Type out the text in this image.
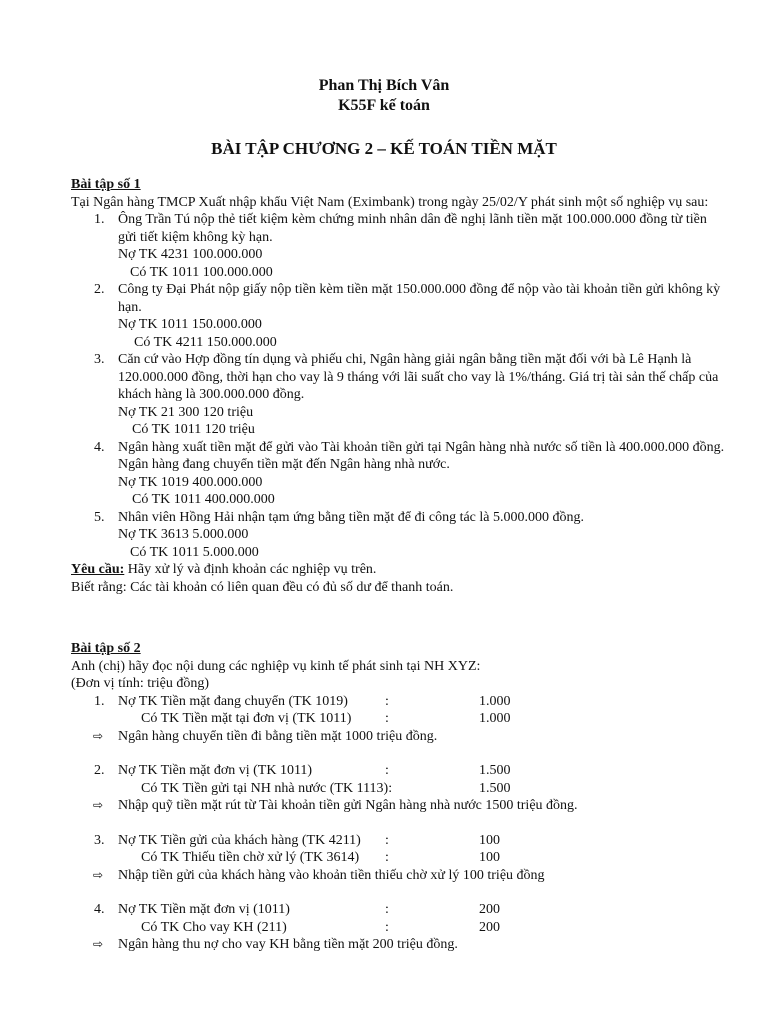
Phan Thị Bích Vân
K55F kế toán
BÀI TẬP CHƯƠNG 2 – KẾ TOÁN TIỀN MẶT
Bài tập số 1

Tại Ngân hàng TMCP Xuất nhập khẩu Việt Nam (Eximbank) trong ngày 25/02/Y phát sinh một số nghiệp vụ sau:

1. Ông Trần Tú nộp thẻ tiết kiệm kèm chứng minh nhân dân đề nghị lãnh tiền mặt 100.000.000 đồng từ tiền gửi tiết kiệm không kỳ hạn.
Nợ TK 4231 100.000.000
Có TK 1011 100.000.000
2. Công ty Đại Phát nộp giấy nộp tiền kèm tiền mặt 150.000.000 đồng để nộp vào tài khoản tiền gửi không kỳ hạn.
Nợ TK 1011 150.000.000
Có TK 4211 150.000.000
3. Căn cứ vào Hợp đồng tín dụng và phiếu chi, Ngân hàng giải ngân bằng tiền mặt đối với bà Lê Hạnh là 120.000.000 đồng, thời hạn cho vay là 9 tháng với lãi suất cho vay là 1%/tháng. Giá trị tài sản thế chấp của khách hàng là 300.000.000 đồng.
Nợ TK 21 300 120 triệu
Có TK 1011 120 triệu
4. Ngân hàng xuất tiền mặt để gửi vào Tài khoản tiền gửi tại Ngân hàng nhà nước số tiền là 400.000.000 đồng. Ngân hàng đang chuyển tiền mặt đến Ngân hàng nhà nước.
Nợ TK 1019 400.000.000
Có TK 1011 400.000.000
5. Nhân viên Hồng Hải nhận tạm ứng bằng tiền mặt để đi công tác là 5.000.000 đồng.
Nợ TK 3613 5.000.000
Có TK 1011 5.000.000
Yêu cầu: Hãy xử lý và định khoản các nghiệp vụ trên.
Biết rằng: Các tài khoản có liên quan đều có đủ số dư để thanh toán.
Bài tập số 2
Anh (chị) hãy đọc nội dung các nghiệp vụ kinh tế phát sinh tại NH XYZ:
(Đơn vị tính: triệu đồng)
1. Nợ TK Tiền mặt đang chuyển (TK 1019)	:	1.000
Có TK Tiền mặt tại đơn vị (TK 1011) :	1.000
⇨ Ngân hàng chuyển tiền đi bằng tiền mặt 1000 triệu đồng.
2. Nợ TK Tiền mặt đơn vị (TK 1011)	:	1.500
Có TK Tiền gửi tại NH nhà nước (TK 1113):	1.500
⇨ Nhập quỹ tiền mặt rút từ Tài khoản tiền gửi Ngân hàng nhà nước 1500 triệu đồng.
3. Nợ TK Tiền gửi của khách hàng (TK 4211) :	100
Có TK Thiếu tiền chờ xử lý (TK 3614) :	100
⇨ Nhập tiền gửi của khách hàng vào khoản tiền thiếu chờ xử lý 100 triệu đồng
4. Nợ TK Tiền mặt đơn vị (1011)	:	200
Có TK Cho vay KH (211)	:	200
⇨ Ngân hàng thu nợ cho vay KH bằng tiền mặt 200 triệu đồng.
